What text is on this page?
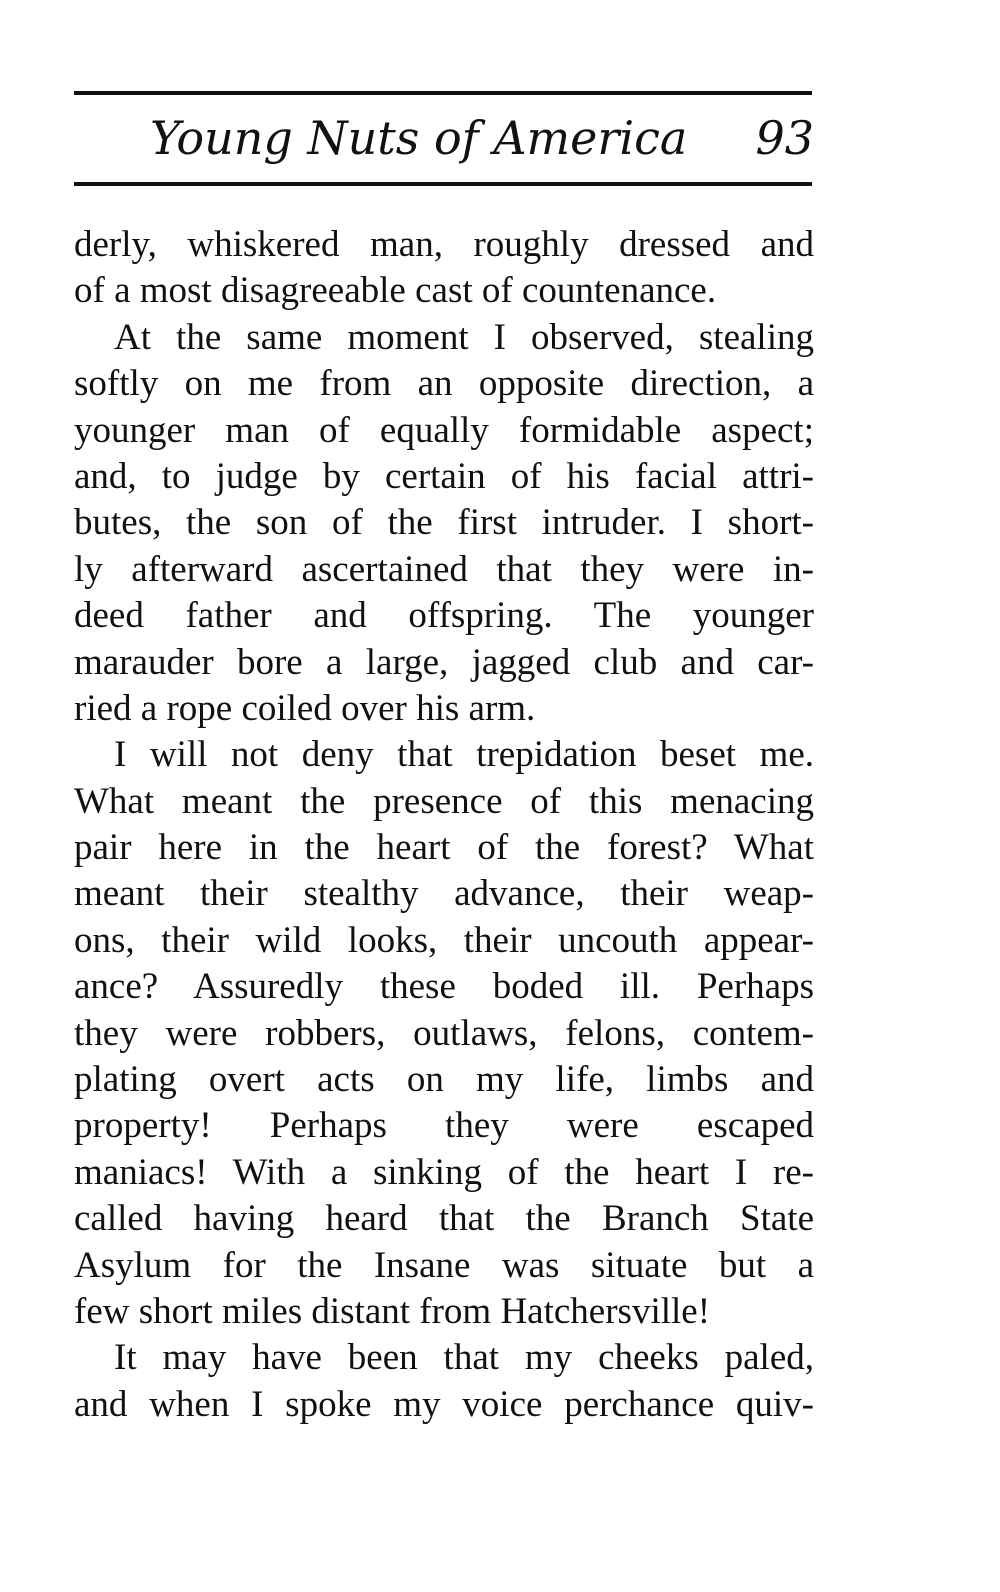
Young Nuts of America	93
derly, whiskered man, roughly dressed and
of a most disagreeable cast of countenance.
At the same moment I observed, stealing
softly on me from an opposite direction, a
younger man of equally formidable aspect;
and, to judge by certain of his facial attri-
butes, the son of the first intruder. I short-
ly afterward ascertained that they were in-
deed father and offspring. The younger
marauder bore a large, jagged club and car-
ried a rope coiled over his arm.
I will not deny that trepidation beset me.
What meant the presence of this menacing
pair here in the heart of the forest? What
meant their stealthy advance, their weap-
ons, their wild looks, their uncouth appear-
ance? Assuredly these boded ill. Perhaps
they were robbers, outlaws, felons, contem-
plating overt acts on my life, limbs and
property! Perhaps they were escaped
maniacs! With a sinking of the heart I re-
called having heard that the Branch State
Asylum for the Insane was situate but a
few short miles distant from Hatchersville!
It may have been that my cheeks paled,
and when I spoke my voice perchance quiv-
